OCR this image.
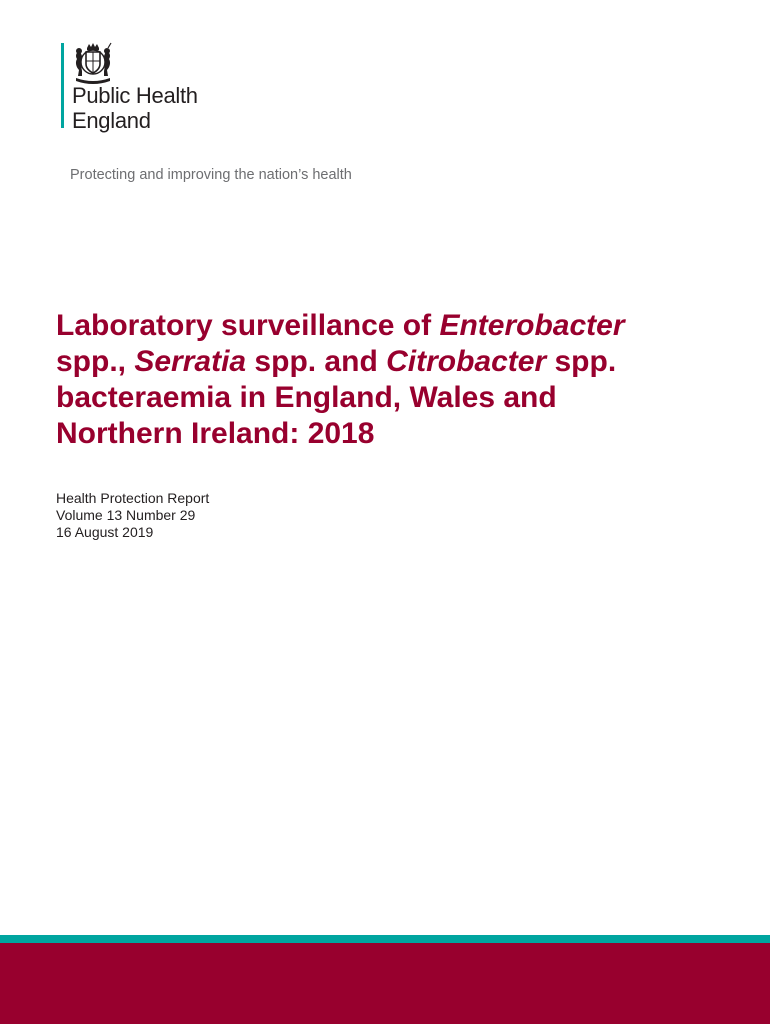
Public Health
England
Protecting and improving the nation’s health
Laboratory surveillance of Enterobacter
spp., Serratia spp. and Citrobacter spp.
bacteraemia in England, Wales and
Northern Ireland: 2018
Health Protection Report
Volume 13 Number 29
16 August 2019
